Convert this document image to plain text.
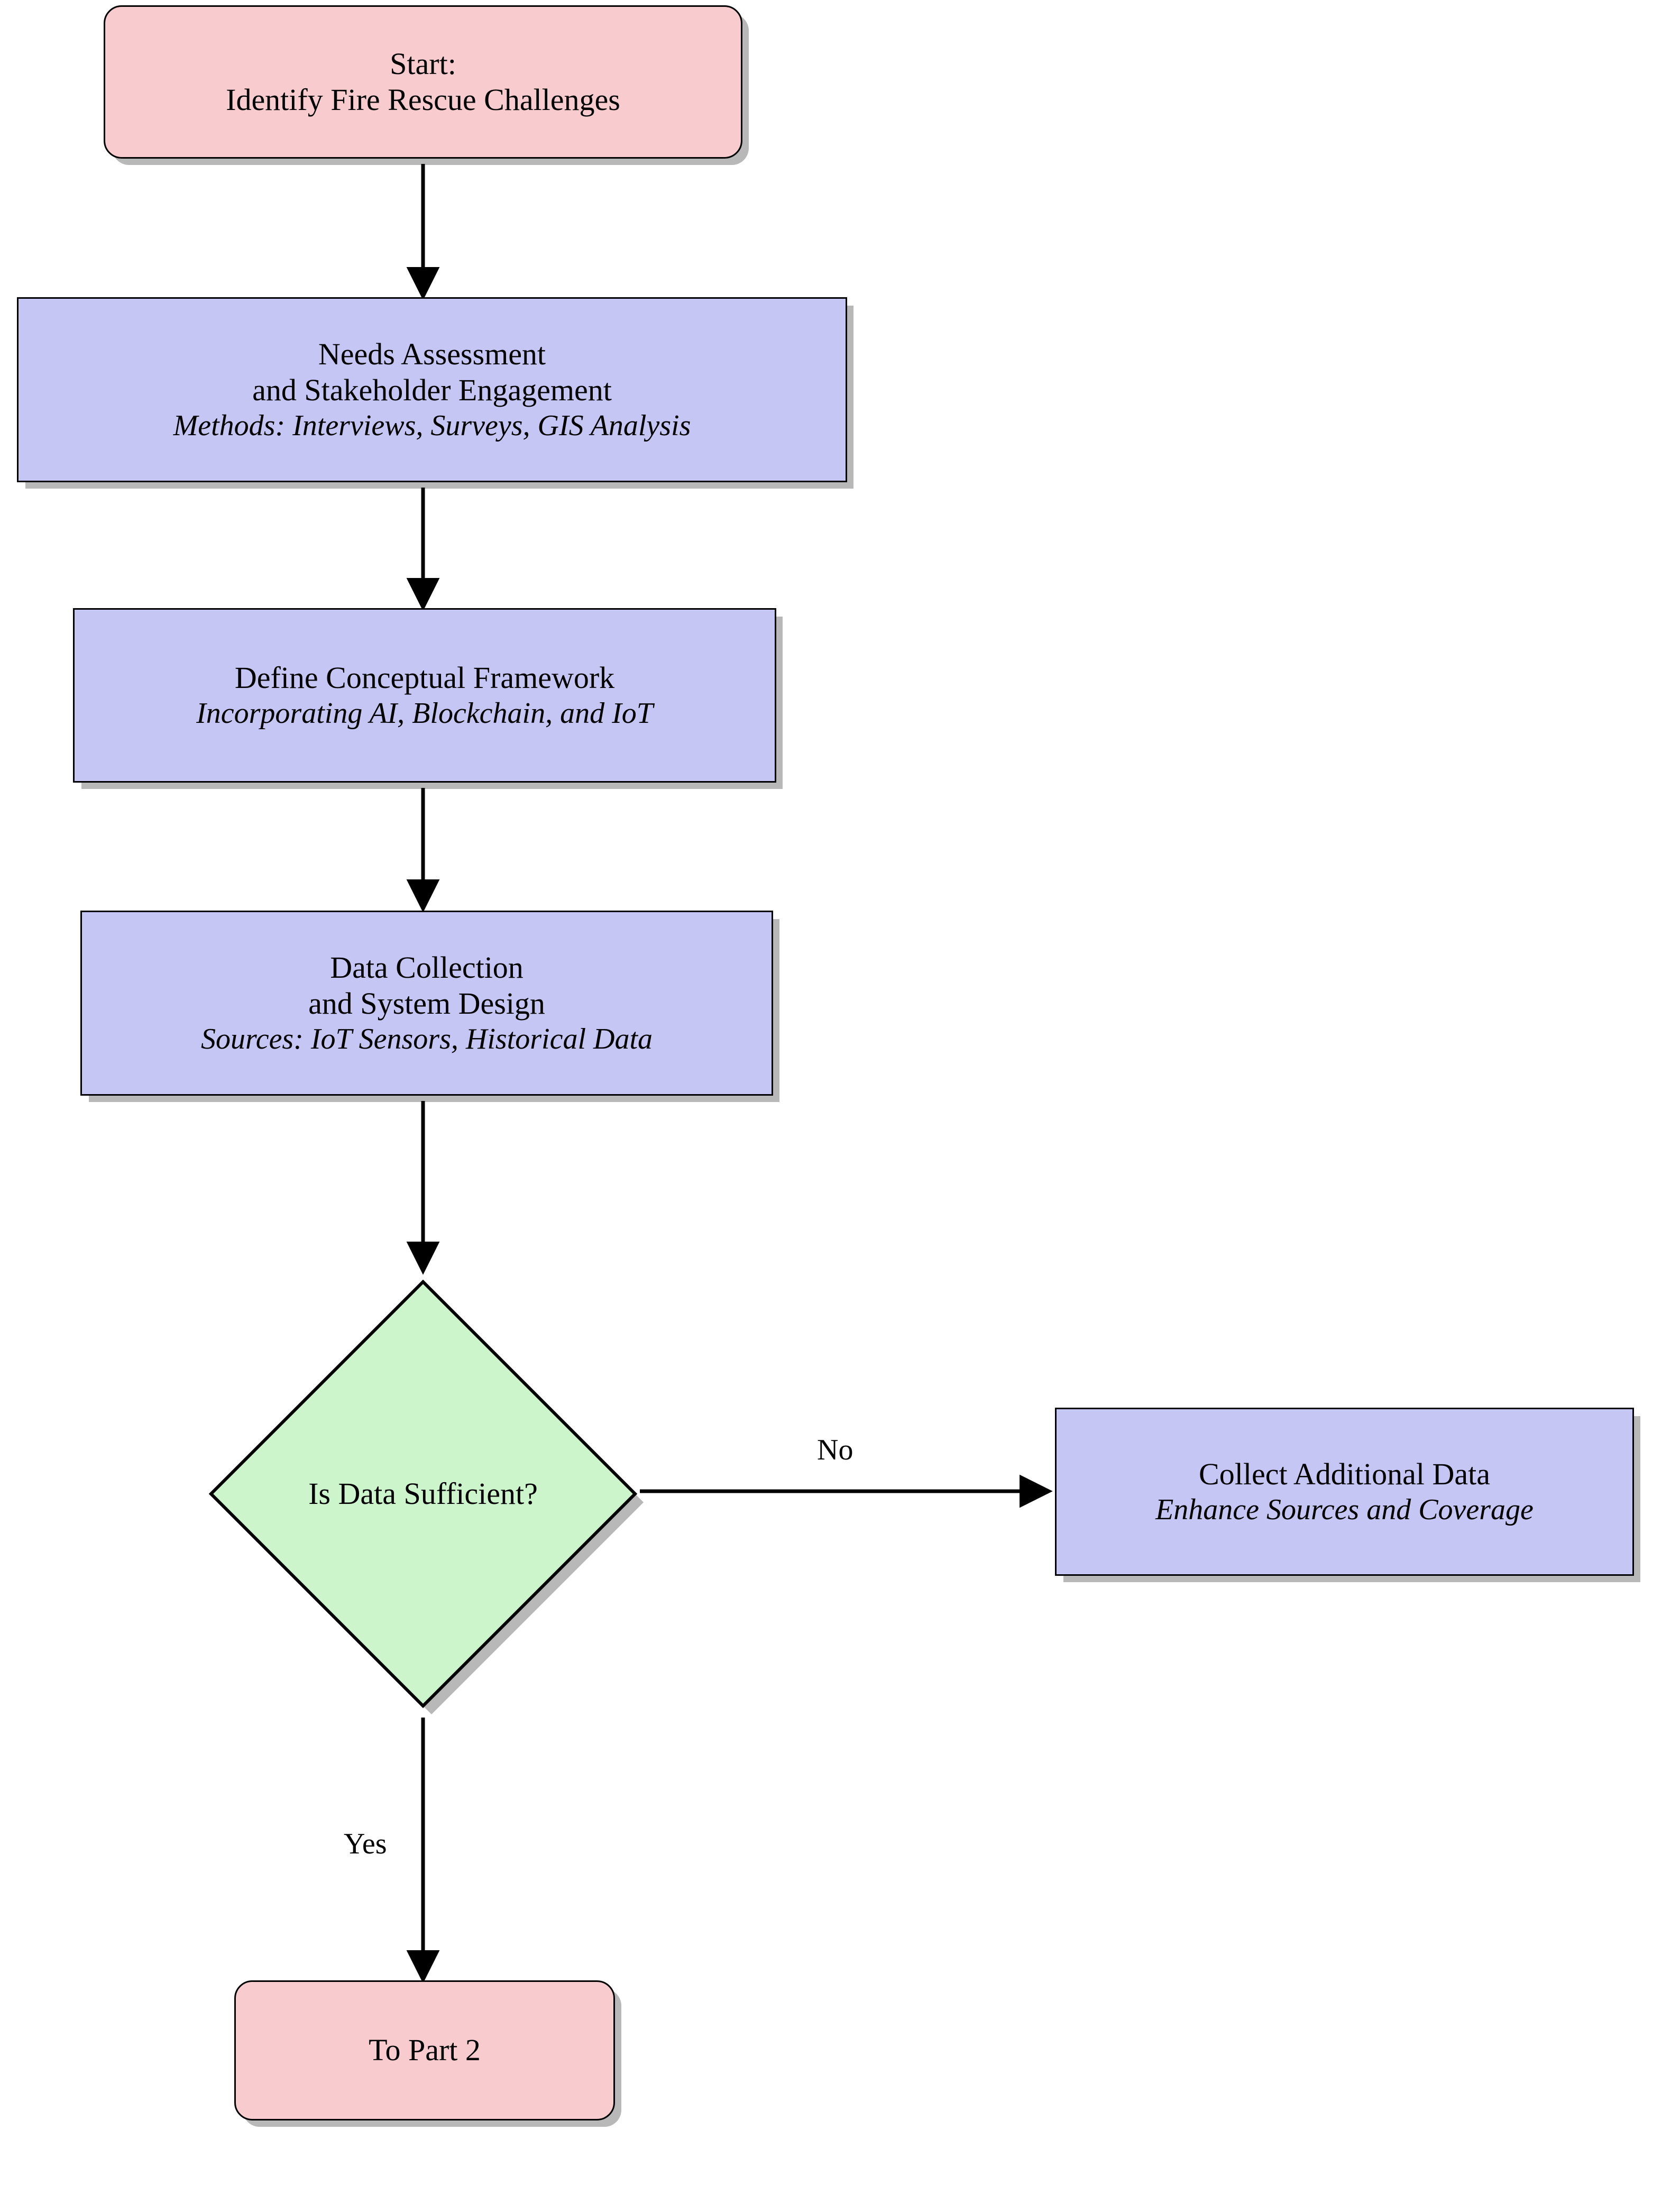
Start:
Identify Fire Rescue Challenges
Needs Assessment
and Stakeholder Engagement
Methods: Interviews, Surveys, GIS Analysis
Define Conceptual Framework
Incorporating AI, Blockchain, and IoT
Data Collection
and System Design
Sources: IoT Sensors, Historical Data
Is Data Sufficient?
Collect Additional Data
Enhance Sources and Coverage
To Part 2
No
Yes
